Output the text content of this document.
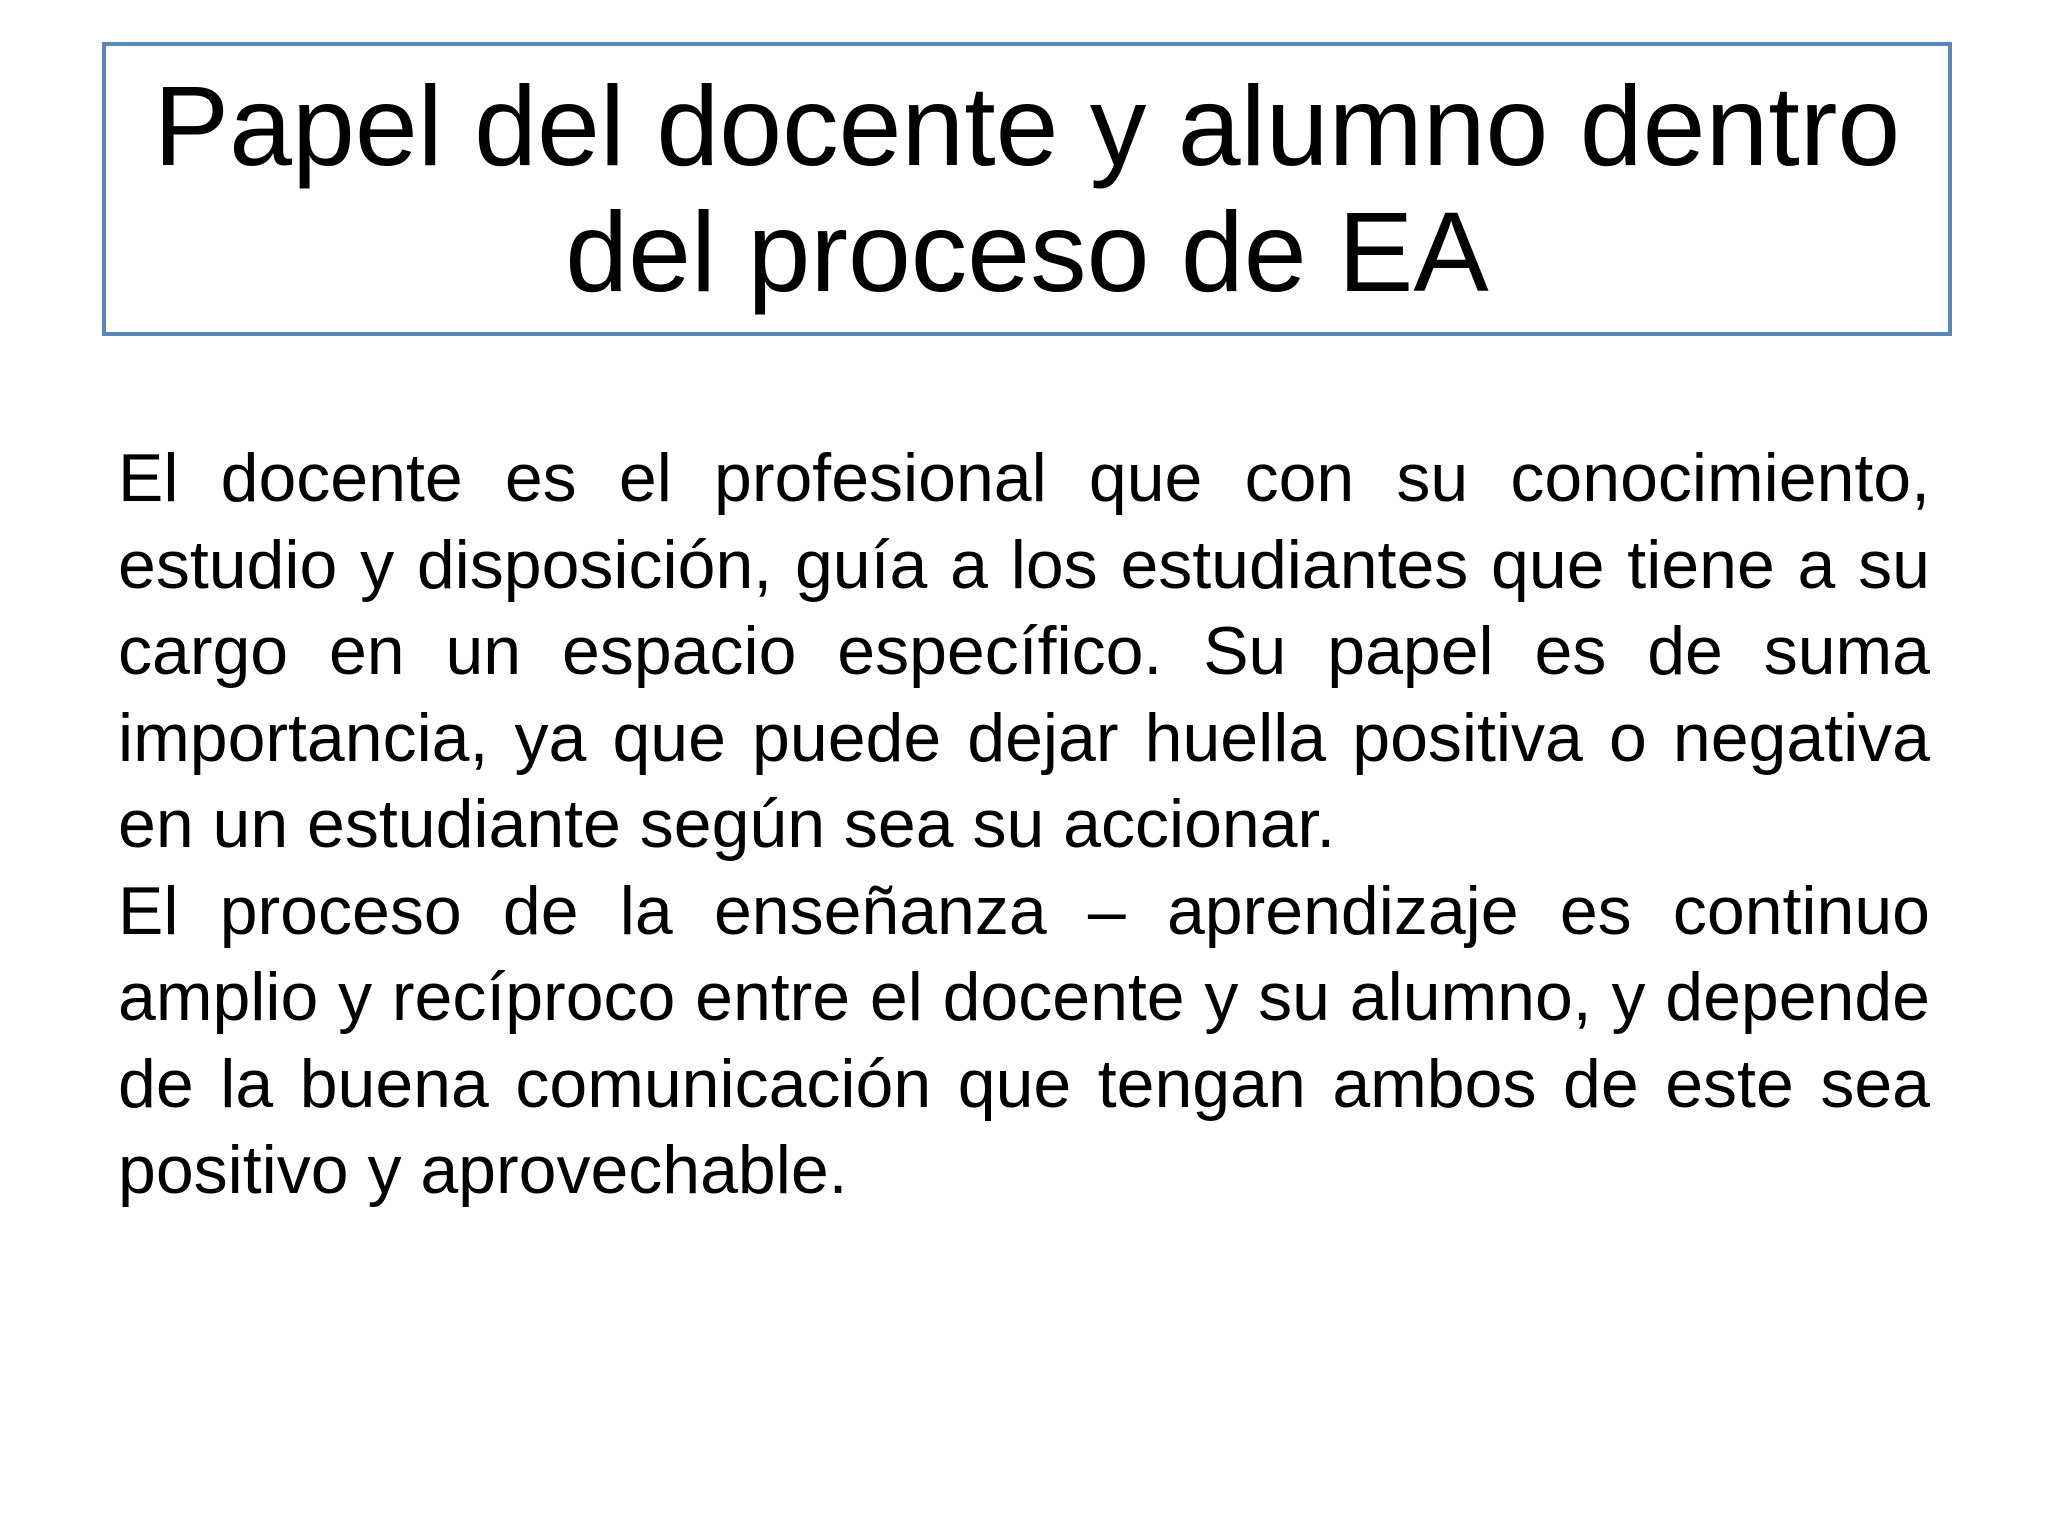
Papel del docente y alumno dentro del proceso de EA

El docente es el profesional que con su conocimiento, estudio y disposición, guía a los estudiantes que tiene a su cargo en un espacio específico. Su papel es de suma importancia, ya que puede dejar huella positiva o negativa en un estudiante según sea su accionar.

El proceso de la enseñanza – aprendizaje es continuo amplio y recíproco entre el docente y su alumno, y depende de la buena comunicación que tengan ambos de este sea positivo y aprovechable.
